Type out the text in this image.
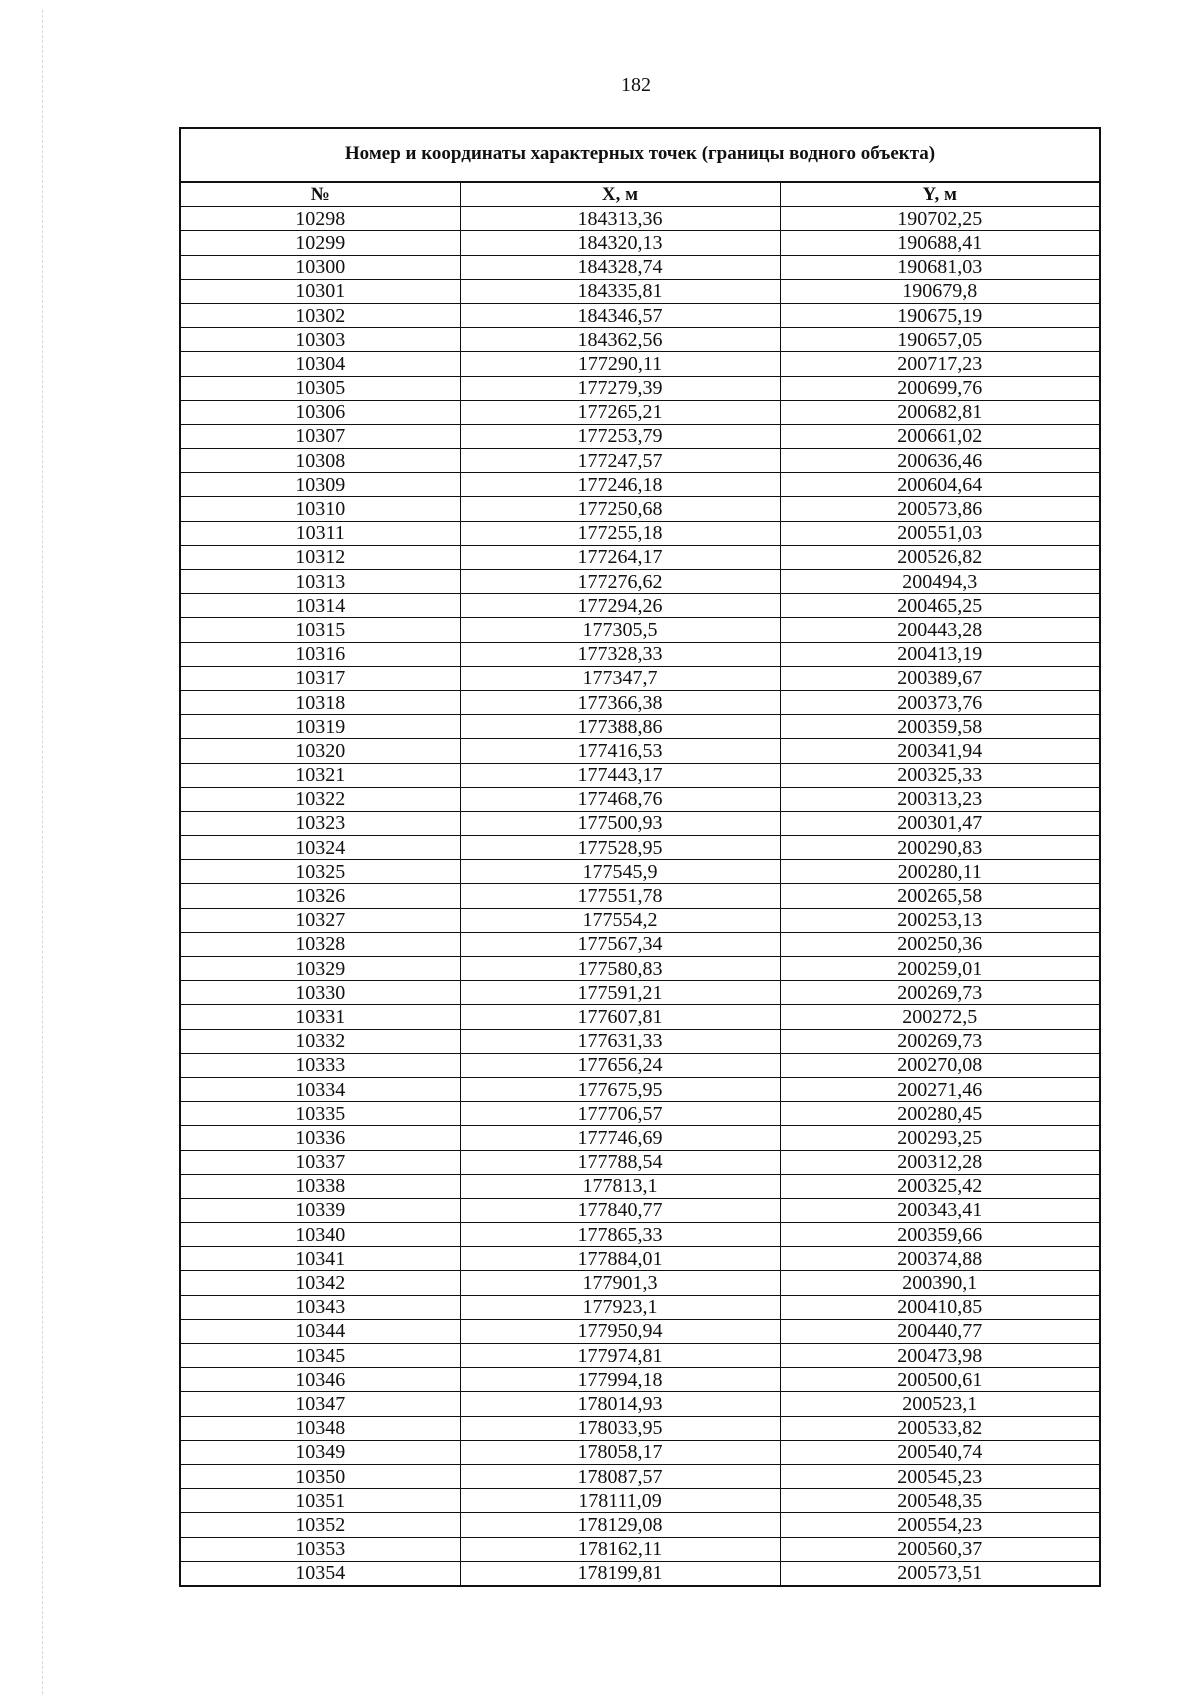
182
Номер и координаты характерных точек (границы водного объекта)
№	X, м	Y, м
10298	184313,36	190702,25
10299	184320,13	190688,41
10300	184328,74	190681,03
10301	184335,81	190679,8
10302	184346,57	190675,19
10303	184362,56	190657,05
10304	177290,11	200717,23
10305	177279,39	200699,76
10306	177265,21	200682,81
10307	177253,79	200661,02
10308	177247,57	200636,46
10309	177246,18	200604,64
10310	177250,68	200573,86
10311	177255,18	200551,03
10312	177264,17	200526,82
10313	177276,62	200494,3
10314	177294,26	200465,25
10315	177305,5	200443,28
10316	177328,33	200413,19
10317	177347,7	200389,67
10318	177366,38	200373,76
10319	177388,86	200359,58
10320	177416,53	200341,94
10321	177443,17	200325,33
10322	177468,76	200313,23
10323	177500,93	200301,47
10324	177528,95	200290,83
10325	177545,9	200280,11
10326	177551,78	200265,58
10327	177554,2	200253,13
10328	177567,34	200250,36
10329	177580,83	200259,01
10330	177591,21	200269,73
10331	177607,81	200272,5
10332	177631,33	200269,73
10333	177656,24	200270,08
10334	177675,95	200271,46
10335	177706,57	200280,45
10336	177746,69	200293,25
10337	177788,54	200312,28
10338	177813,1	200325,42
10339	177840,77	200343,41
10340	177865,33	200359,66
10341	177884,01	200374,88
10342	177901,3	200390,1
10343	177923,1	200410,85
10344	177950,94	200440,77
10345	177974,81	200473,98
10346	177994,18	200500,61
10347	178014,93	200523,1
10348	178033,95	200533,82
10349	178058,17	200540,74
10350	178087,57	200545,23
10351	178111,09	200548,35
10352	178129,08	200554,23
10353	178162,11	200560,37
10354	178199,81	200573,51
